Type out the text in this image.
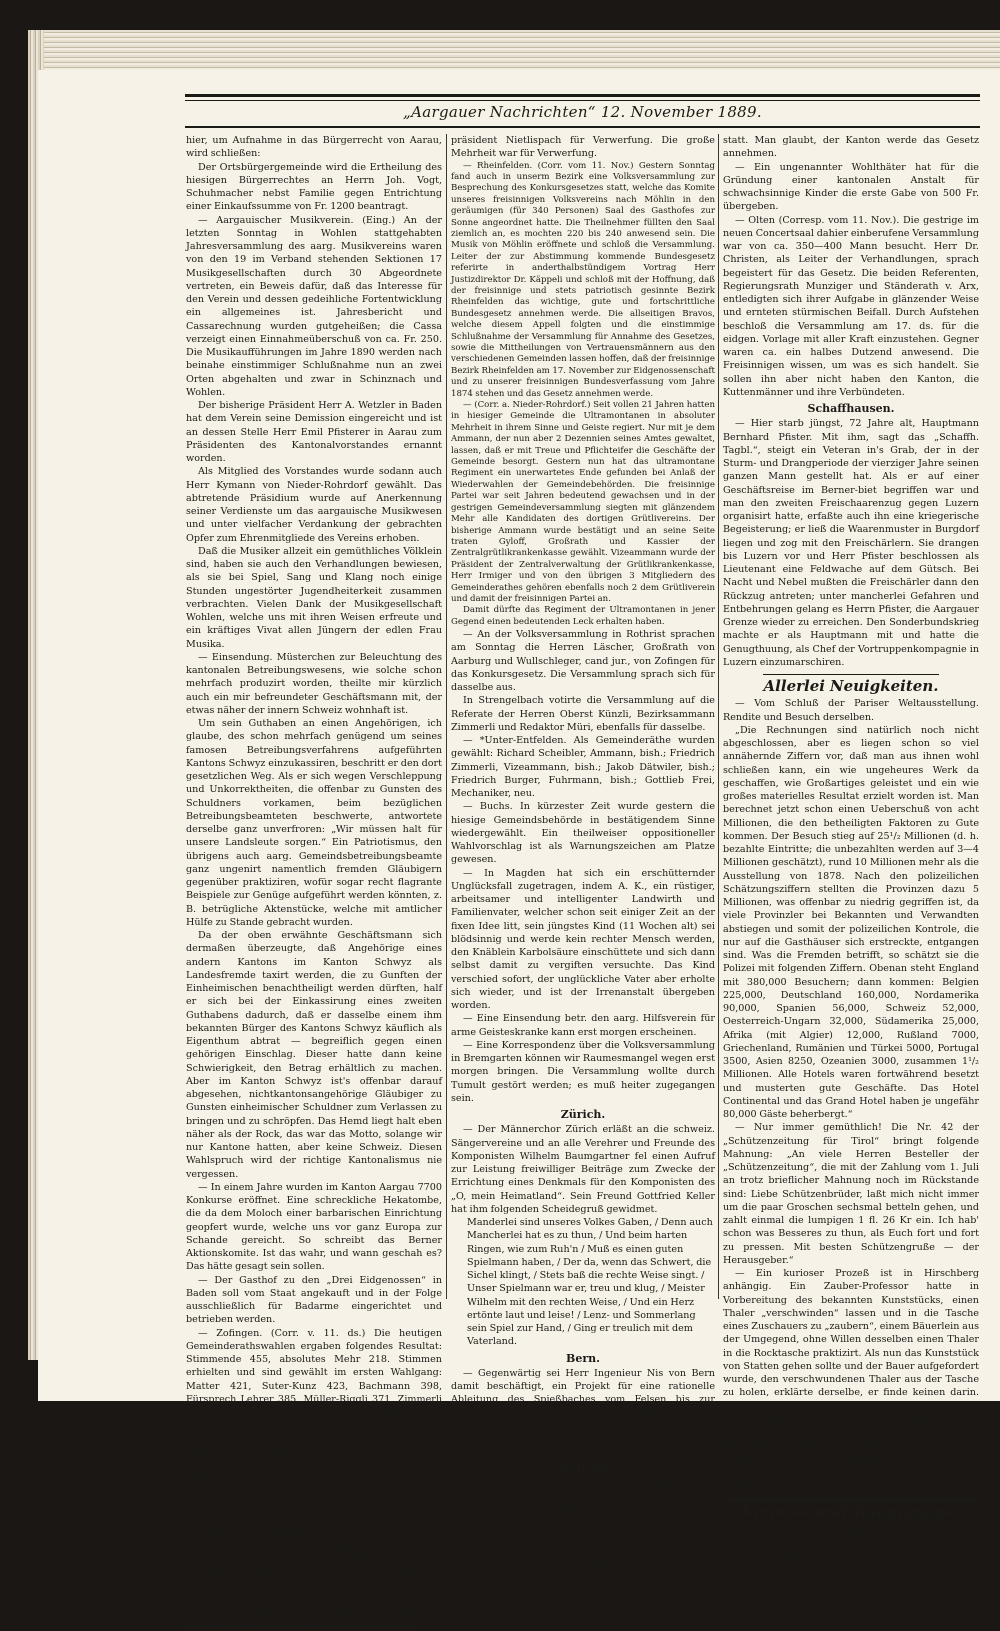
„Aargauer Nachrichten“ 12. November 1889.

hier, um Aufnahme in das Bürgerrecht von Aarau, wird schließen:

Der Ortsbürgergemeinde wird die Ertheilung des hiesigen Bürgerrechtes an Herrn Joh. Vogt, Schuhmacher nebst Familie gegen Entrichtung einer Einkaufssumme von Fr. 1200 beantragt.

— Aargauischer Musikverein. (Eing.) An der letzten Sonntag in Wohlen stattgehabten Jahresversammlung des aarg. Musikvereins waren von den 19 im Verband stehenden Sektionen 17 Musikgesellschaften durch 30 Abgeordnete vertreten, ein Beweis dafür, daß das Interesse für den Verein und dessen gedeihliche Fortentwicklung ein allgemeines ist. Jahresbericht und Cassarechnung wurden gutgeheißen; die Cassa verzeigt einen Einnahmeüberschuß von ca. Fr. 250. Die Musikaufführungen im Jahre 1890 werden nach beinahe einstimmiger Schlußnahme nun an zwei Orten abgehalten und zwar in Schinznach und Wohlen.

Der bisherige Präsident Herr A. Wetzler in Baden hat dem Verein seine Demission eingereicht und ist an dessen Stelle Herr Emil Pfisterer in Aarau zum Präsidenten des Kantonalvorstandes ernannt worden.

Als Mitglied des Vorstandes wurde sodann auch Herr Kymann von Nieder-Rohrdorf gewählt. Das abtretende Präsidium wurde auf Anerkennung seiner Verdienste um das aargauische Musikwesen und unter vielfacher Verdankung der gebrachten Opfer zum Ehrenmitgliede des Vereins erhoben.

Daß die Musiker allzeit ein gemüthliches Völklein sind, haben sie auch den Verhandlungen bewiesen, als sie bei Spiel, Sang und Klang noch einige Stunden ungestörter Jugendheiterkeit zusammen verbrachten. Vielen Dank der Musikgesellschaft Wohlen, welche uns mit ihren Weisen erfreute und ein kräftiges Vivat allen Jüngern der edlen Frau Musika.

— Einsendung. Müsterchen zur Beleuchtung des kantonalen Betreibungswesens, wie solche schon mehrfach produzirt worden, theilte mir kürzlich auch ein mir befreundeter Geschäftsmann mit, der etwas näher der innern Schweiz wohnhaft ist.

Um sein Guthaben an einen Angehörigen, ich glaube, des schon mehrfach genügend um seines famosen Betreibungsverfahrens aufgeführten Kantons Schwyz einzukassiren, beschritt er den dort gesetzlichen Weg. Als er sich wegen Verschleppung und Unkorrektheiten, die offenbar zu Gunsten des Schuldners vorkamen, beim bezüglichen Betreibungsbeamteten beschwerte, antwortete derselbe ganz unverfroren: „Wir müssen halt für unsere Landsleute sorgen.“ Ein Patriotismus, den übrigens auch aarg. Gemeindsbetreibungsbeamte ganz ungenirt namentlich fremden Gläubigern gegenüber praktiziren, wofür sogar recht flagrante Beispiele zur Genüge aufgeführt werden könnten, z. B. betrügliche Aktenstücke, welche mit amtlicher Hülfe zu Stande gebracht wurden.

Da der oben erwähnte Geschäftsmann sich dermaßen überzeugte, daß Angehörige eines andern Kantons im Kanton Schwyz als Landesfremde taxirt werden, die zu Gunften der Einheimischen benachtheiligt werden dürften, half er sich bei der Einkassirung eines zweiten Guthabens dadurch, daß er dasselbe einem ihm bekannten Bürger des Kantons Schwyz käuflich als Eigenthum abtrat — begreiflich gegen einen gehörigen Einschlag. Dieser hatte dann keine Schwierigkeit, den Betrag erhältlich zu machen. Aber im Kanton Schwyz ist's offenbar darauf abgesehen, nichtkantonsangehörige Gläubiger zu Gunsten einheimischer Schuldner zum Verlassen zu bringen und zu schröpfen. Das Hemd liegt halt eben näher als der Rock, das war das Motto, solange wir nur Kantone hatten, aber keine Schweiz. Diesen Wahlspruch wird der richtige Kantonalismus nie vergessen.

— In einem Jahre wurden im Kanton Aargau 7700 Konkurse eröffnet. Eine schreckliche Hekatombe, die da dem Moloch einer barbarischen Einrichtung geopfert wurde, welche uns vor ganz Europa zur Schande gereicht. So schreibt das Berner Aktionskomite. Ist das wahr, und wann geschah es? Das hätte gesagt sein sollen.

— Der Gasthof zu den „Drei Eidgenossen“ in Baden soll vom Staat angekauft und in der Folge ausschließlich für Badarme eingerichtet und betrieben werden.

— Zofingen. (Corr. v. 11. ds.) Die heutigen Gemeinderathswahlen ergaben folgendes Resultat: Stimmende 455, absolutes Mehr 218. Stimmen erhielten und sind gewählt im ersten Wahlgang: Matter 421, Suter-Kunz 423, Bachmann 398, Fürsprech Lehrer 385, Müller-Riggli 371, Zimmerli Kommandant 347, bisherige, und Dr. Frikart 266, neu, an Stelle des verstorbenen Herrn Wettstein. Herr Bossard-Mahlard erhielt 166 und Herr Mummenthaler-Vogel 70 Stimmen. Als Stadtammann wurde beinahe einstimmig Herr Matter wieder gewählt und die Besoldungen auf der bisherigen Höhe belassen.

— Der Vorstand der Kulturgesellschaft Zofingen erläßt einen motivirten Aufruf an die Bevölkerung zur Annahme des Konkursgesetzes.

— In einer Volksversammlung in Muri (100 Mann) empfahl nach dem „Vaterland“ Herr Gerichtsschreiber Meyer in trefflichem, zweistündigem Vortrag die Verwerfung des Konkursgesetzes. Die HH. Fürsprech Stierli und Fürsprech Bürgisser, vom liberalen Grütliverein berufen, sprachen für Annahme, Herr Gerichts-

präsident Nietlispach für Verwerfung. Die große Mehrheit war für Verwerfung.

— Rheinfelden. (Corr. vom 11. Nov.) Gestern Sonntag fand auch in unserm Bezirk eine Volksversammlung zur Besprechung des Konkursgesetzes statt, welche das Komite unseres freisinnigen Volksvereins nach Möhlin in den geräumigen (für 340 Personen) Saal des Gasthofes zur Sonne angeordnet hatte. Die Theilnehmer füllten den Saal ziemlich an, es mochten 220 bis 240 anwesend sein. Die Musik von Möhlin eröffnete und schloß die Versammlung. Leiter der zur Abstimmung kommende Bundesgesetz referirte in anderthalbstündigem Vortrag Herr Justizdirektor Dr. Käppeli und schloß mit der Hoffnung, daß der freisinnige und stets patriotisch gesinnte Bezirk Rheinfelden das wichtige, gute und fortschrittliche Bundesgesetz annehmen werde. Die allseitigen Bravos, welche diesem Appell folgten und die einstimmige Schlußnahme der Versammlung für Annahme des Gesetzes, sowie die Mittheilungen von Vertrauensmännern aus den verschiedenen Gemeinden lassen hoffen, daß der freisinnige Bezirk Rheinfelden am 17. November zur Eidgenossenschaft und zu unserer freisinnigen Bundesverfassung vom Jahre 1874 stehen und das Gesetz annehmen werde.

— (Corr. a. Nieder-Rohrdorf.) Seit vollen 21 Jahren hatten in hiesiger Gemeinde die Ultramontanen in absoluter Mehrheit in ihrem Sinne und Geiste regiert. Nur mit je dem Ammann, der nun aber 2 Dezennien seines Amtes gewaltet, lassen, daß er mit Treue und Pflichteifer die Geschäfte der Gemeinde besorgt. Gestern nun hat das ultramontane Regiment ein unerwartetes Ende gefunden bei Anlaß der Wiederwahlen der Gemeindebehörden. Die freisinnige Partei war seit Jahren bedeutend gewachsen und in der gestrigen Gemeindeversammlung siegten mit glänzendem Mehr alle Kandidaten des dortigen Grütlivereins. Der bisherige Ammann wurde bestätigt und an seine Seite traten Gyloff, Großrath und Kassier der Zentralgrütlikrankenkasse gewählt. Vizeammann wurde der Präsident der Zentralverwaltung der Grütlikrankenkasse, Herr Irmiger und von den übrigen 3 Mitgliedern des Gemeinderathes gehören ebenfalls noch 2 dem Grütliverein und damit der freisinnigen Partei an.

Damit dürfte das Regiment der Ultramontanen in jener Gegend einen bedeutenden Leck erhalten haben.

— An der Volksversammlung in Rothrist sprachen am Sonntag die Herren Läscher, Großrath von Aarburg und Wullschleger, cand jur., von Zofingen für das Konkursgesetz. Die Versammlung sprach sich für dasselbe aus.

In Strengelbach votirte die Versammlung auf die Referate der Herren Oberst Künzli, Bezirksammann Zimmerli und Redaktor Müri, ebenfalls für dasselbe.

— *Unter-Entfelden. Als Gemeinderäthe wurden gewählt: Richard Scheibler, Ammann, bish.; Friedrich Zimmerli, Vizeammann, bish.; Jakob Dätwiler, bish.; Friedrich Burger, Fuhrmann, bish.; Gottlieb Frei, Mechaniker, neu.

— Buchs. In kürzester Zeit wurde gestern die hiesige Gemeindsbehörde in bestätigendem Sinne wiedergewählt. Ein theilweiser oppositioneller Wahlvorschlag ist als Warnungszeichen am Platze gewesen.

— In Magden hat sich ein erschütternder Unglücksfall zugetragen, indem A. K., ein rüstiger, arbeitsamer und intelligenter Landwirth und Familienvater, welcher schon seit einiger Zeit an der fixen Idee litt, sein jüngstes Kind (11 Wochen alt) sei blödsinnig und werde kein rechter Mensch werden, den Knäblein Karbolsäure einschüttete und sich dann selbst damit zu vergiften versuchte. Das Kind verschied sofort, der unglückliche Vater aber erholte sich wieder, und ist der Irrenanstalt übergeben worden.

— Eine Einsendung betr. den aarg. Hilfsverein für arme Geisteskranke kann erst morgen erscheinen.

— Eine Korrespondenz über die Volksversammlung in Bremgarten können wir Raumesmangel wegen erst morgen bringen. Die Versammlung wollte durch Tumult gestört werden; es muß heiter zugegangen sein.

Zürich.

— Der Männerchor Zürich erläßt an die schweiz. Sängervereine und an alle Verehrer und Freunde des Komponisten Wilhelm Baumgartner fel einen Aufruf zur Leistung freiwilliger Beiträge zum Zwecke der Errichtung eines Denkmals für den Komponisten des „O, mein Heimatland“. Sein Freund Gottfried Keller hat ihm folgenden Scheidegruß gewidmet.

Manderlei sind unseres Volkes Gaben, / Denn auch Mancherlei hat es zu thun, / Und beim harten Ringen, wie zum Ruh'n / Muß es einen guten Spielmann haben, / Der da, wenn das Schwert, die Sichel klingt, / Stets baß die rechte Weise singt. / Unser Spielmann war er, treu und klug, / Meister Wilhelm mit den rechten Weise, / Und ein Herz ertönte laut und leise! / Lenz- und Sommerlang sein Spiel zur Hand, / Ging er treulich mit dem Vaterland.

Bern.

— Gegenwärtig sei Herr Ingenieur Nis von Bern damit beschäftigt, ein Projekt für eine rationelle Ableitung des Spießbaches vom Felsen bis zur Lütschine aufzunehmen. Für die Entwässerung des Rutschgebietes vom Felsen aufwärts bis zum Mürrenweg liege bereits ein Projekt des eidgen. Ingenieurs vor.

Solothurn.

— In Solothurn wurde in der letzten Sonntagsnacht in das Bureau eines Cementiers eingebrochen und eine Baarschaft im Betrag von 35 Fr. gestohlen. Gleichzeitig fand ein Einbruch bei einem Zimmermeister statt, dem allerlei Werkzeug ist zwölft worden.

Im Kanton Solothurn fanden am letzten Sonntag zahlreiche Volksversammlungen für das Konkursgesetz

statt. Man glaubt, der Kanton werde das Gesetz annehmen.

— Ein ungenannter Wohlthäter hat für die Gründung einer kantonalen Anstalt für schwachsinnige Kinder die erste Gabe von 500 Fr. übergeben.

— Olten (Corresp. vom 11. Nov.). Die gestrige im neuen Concertsaal dahier einberufene Versammlung war von ca. 350—400 Mann besucht. Herr Dr. Christen, als Leiter der Verhandlungen, sprach begeistert für das Gesetz. Die beiden Referenten, Regierungsrath Munziger und Ständerath v. Arx, entledigten sich ihrer Aufgabe in glänzender Weise und ernteten stürmischen Beifall. Durch Aufstehen beschloß die Versammlung am 17. ds. für die eidgen. Vorlage mit aller Kraft einzustehen. Gegner waren ca. ein halbes Dutzend anwesend. Die Freisinnigen wissen, um was es sich handelt. Sie sollen ihn aber nicht haben den Kanton, die Kuttenmänner und ihre Verbündeten.

Schaffhausen.

— Hier starb jüngst, 72 Jahre alt, Hauptmann Bernhard Pfister. Mit ihm, sagt das „Schaffh. Tagbl.“, steigt ein Veteran in's Grab, der in der Sturm- und Drangperiode der vierziger Jahre seinen ganzen Mann gestellt hat. Als er auf einer Geschäftsreise im Berner-biet begriffen war und man den zweiten Freischaarenzug gegen Luzern organisirt hatte, erfaßte auch ihn eine kriegerische Begeisterung; er ließ die Waarenmuster in Burgdorf liegen und zog mit den Freischärlern. Sie drangen bis Luzern vor und Herr Pfister beschlossen als Lieutenant eine Feldwache auf dem Gütsch. Bei Nacht und Nebel mußten die Freischärler dann den Rückzug antreten; unter mancherlei Gefahren und Entbehrungen gelang es Herrn Pfister, die Aargauer Grenze wieder zu erreichen. Den Sonderbundskrieg machte er als Hauptmann mit und hatte die Genugthuung, als Chef der Vortruppenkompagnie in Luzern einzumarschiren.

Allerlei Neuigkeiten.

— Vom Schluß der Pariser Weltausstellung. Rendite und Besuch derselben.

„Die Rechnungen sind natürlich noch nicht abgeschlossen, aber es liegen schon so viel annähernde Ziffern vor, daß man aus ihnen wohl schließen kann, ein wie ungeheures Werk da geschaffen, wie Großartiges geleistet und ein wie großes materielles Resultat erzielt worden ist. Man berechnet jetzt schon einen Ueberschuß von acht Millionen, die den betheiligten Faktoren zu Gute kommen. Der Besuch stieg auf 25¹/₂ Millionen (d. h. bezahlte Eintritte; die unbezahlten werden auf 3—4 Millionen geschätzt), rund 10 Millionen mehr als die Ausstellung von 1878. Nach den polizeilichen Schätzungsziffern stellten die Provinzen dazu 5 Millionen, was offenbar zu niedrig gegriffen ist, da viele Provinzler bei Bekannten und Verwandten abstiegen und somit der polizeilichen Kontrole, die nur auf die Gasthäuser sich erstreckte, entgangen sind. Was die Fremden betrifft, so schätzt sie die Polizei mit folgenden Ziffern. Obenan steht England mit 380,000 Besuchern; dann kommen: Belgien 225,000, Deutschland 160,000, Nordamerika 90,000, Spanien 56,000, Schweiz 52,000, Oesterreich-Ungarn 32,000, Südamerika 25,000, Afrika (mit Algier) 12,000, Rußland 7000, Griechenland, Rumänien und Türkei 5000, Portugal 3500, Asien 8250, Ozeanien 3000, zusammen 1¹/₂ Millionen. Alle Hotels waren fortwährend besetzt und musterten gute Geschäfte. Das Hotel Continental und das Grand Hotel haben je ungefähr 80,000 Gäste beherbergt.“

— Nur immer gemüthlich! Die Nr. 42 der „Schützenzeitung für Tirol“ bringt folgende Mahnung: „An viele Herren Besteller der „Schützenzeitung“, die mit der Zahlung vom 1. Juli an trotz brieflicher Mahnung noch im Rückstande sind: Liebe Schützenbrüder, laßt mich nicht immer um die paar Groschen sechsmal betteln gehen, und zahlt einmal die lumpigen 1 fl. 26 Kr ein. Ich hab' schon was Besseres zu thun, als Euch fort und fort zu pressen. Mit besten Schützengruße — der Herausgeber.“

— Ein kurioser Prozeß ist in Hirschberg anhängig. Ein Zauber-Professor hatte in Vorbereitung des bekannten Kunststücks, einen Thaler „verschwinden“ lassen und in die Tasche eines Zuschauers zu „zaubern“, einem Bäuerlein aus der Umgegend, ohne Willen desselben einen Thaler in die Rocktasche praktizirt. Als nun das Kunststück von Statten gehen sollte und der Bauer aufgefordert wurde, den verschwundenen Thaler aus der Tasche zu holen, erklärte derselbe, er finde keinen darin. Und in der That war der Thaler spurlos verschwunden, als es dem Zauberkünstler lieb war. Er hat nun den Bauern verklagt, obwohl die Möglichkeit nicht ausgeschlossen ist, daß ein Dritter, der die Manipulation des Künstlers beachtete, den Thaler aus der Tasche des Bauern geholt hat.

Neueres und Telegramme.

— Bei der heutigen Großrathswahl sind von 637 abgegebenen Stimmen Herr R. Sauerländer 609 und ist hiemit gewählt.

Basel, 11. Nov. Der Große Rath hat die Volkswahl der Regierung mit 54 gegen 51 Stimmen
